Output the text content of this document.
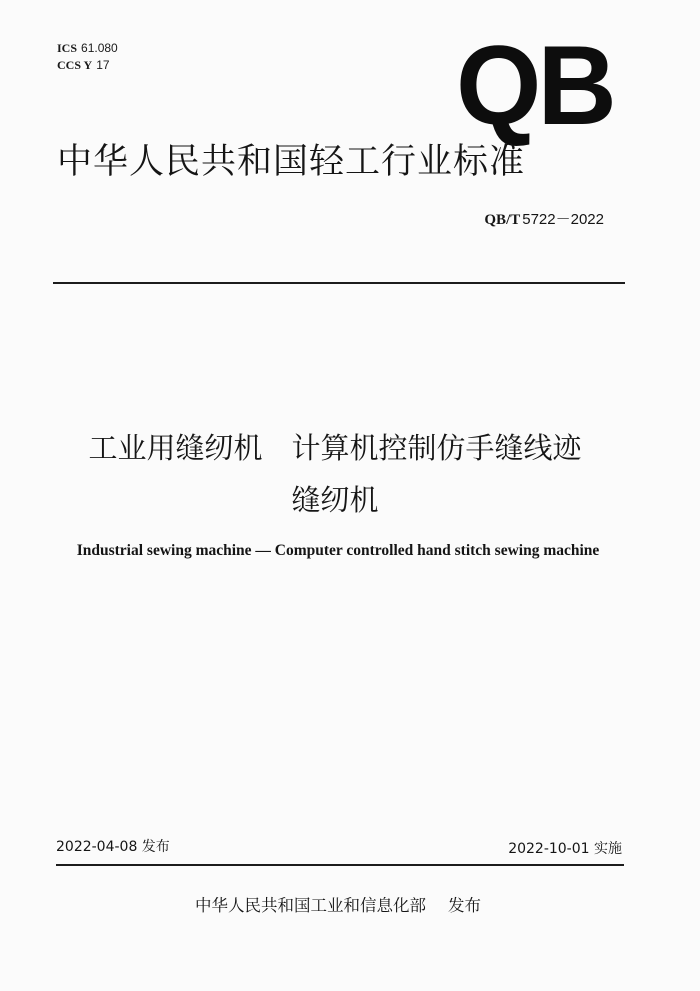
ICS 61.080
CCS Y 17	QB
中华人民共和国轻工行业标准
QB/T 5722－2022
工业用缝纫机　计算机控制仿手缝线迹
缝纫机
Industrial sewing machine — Computer controlled hand stitch sewing machine
2022-04-08 发布	2022-10-01 实施
中华人民共和国工业和信息化部 发布
